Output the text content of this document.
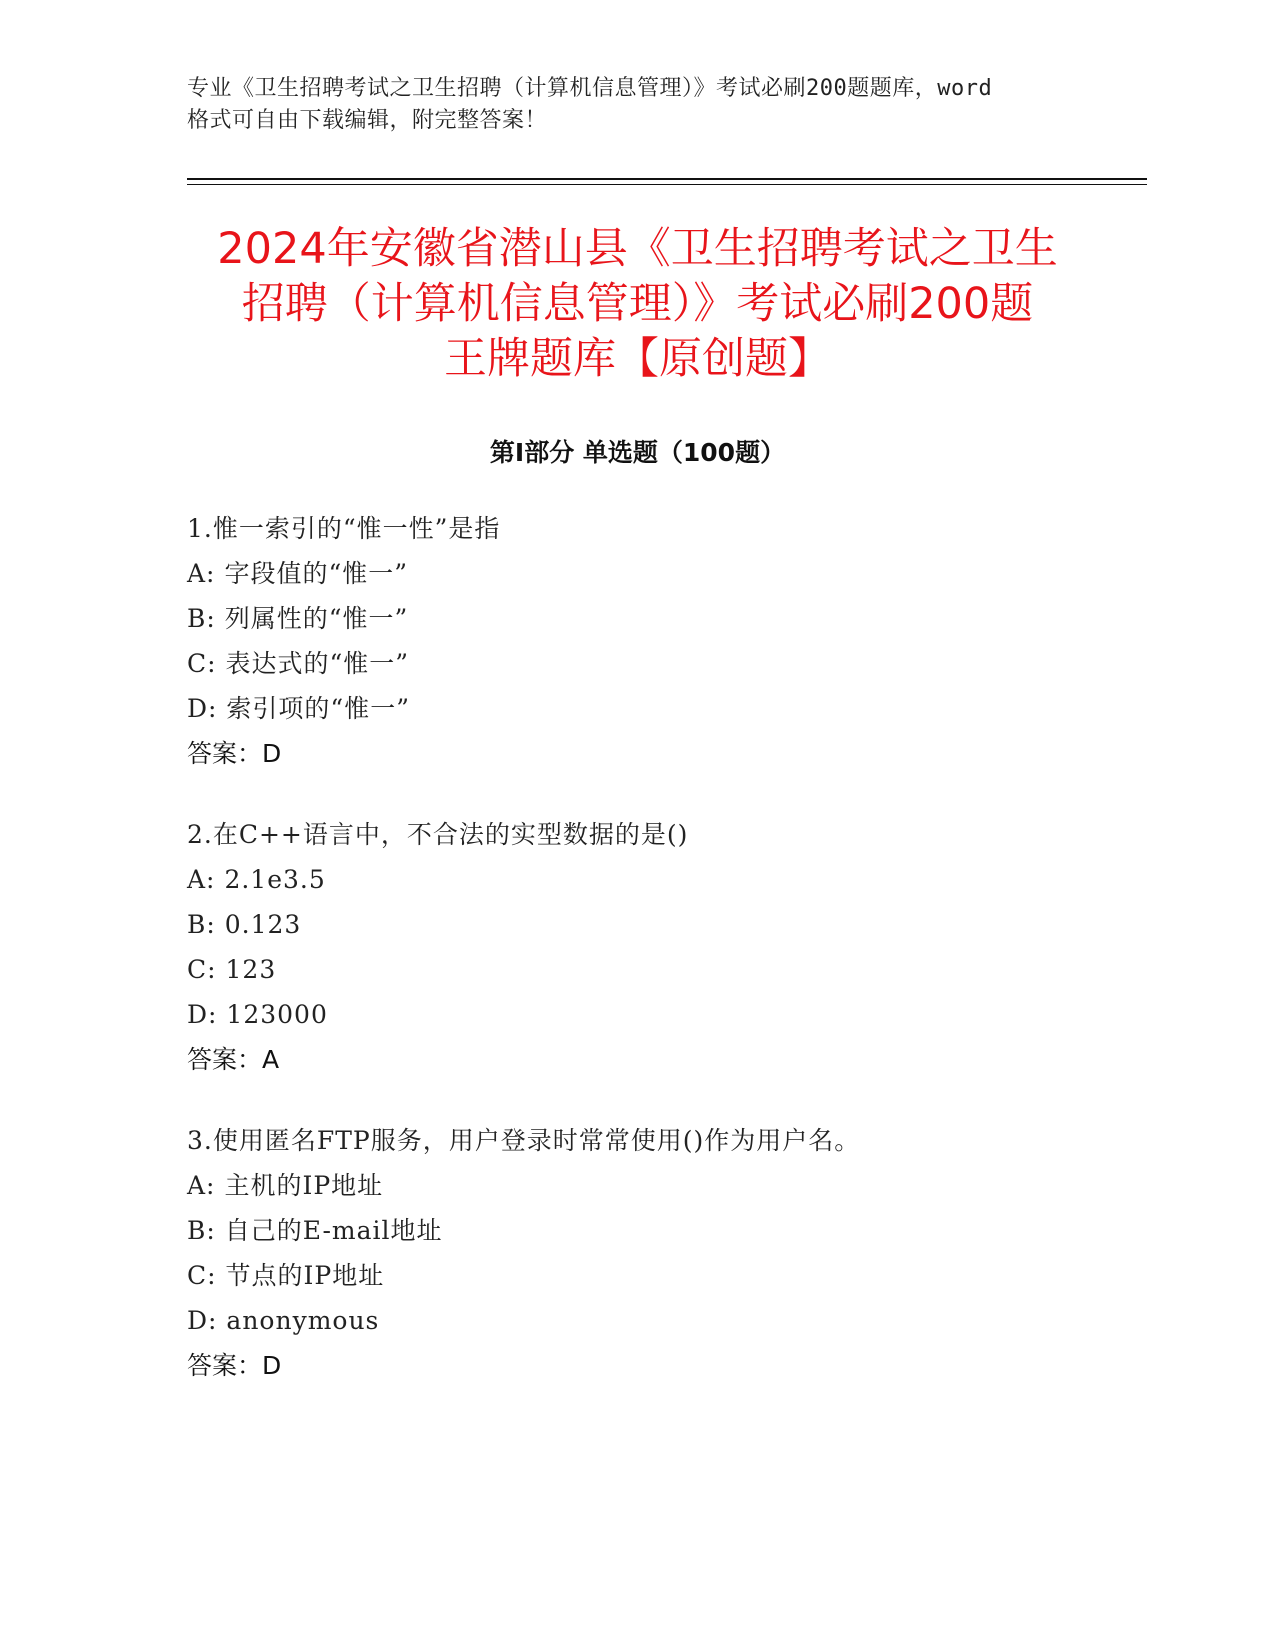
专业《卫生招聘考试之卫生招聘（计算机信息管理）》考试必刷200题题库，word
格式可自由下载编辑，附完整答案！
2024年安徽省潜山县《卫生招聘考试之卫生
招聘（计算机信息管理）》考试必刷200题
王牌题库【原创题】
第I部分 单选题（100题）
1.惟一索引的“惟一性”是指
A: 字段值的“惟一”
B: 列属性的“惟一”
C: 表达式的“惟一”
D: 索引项的“惟一”
答案：D
2.在C++语言中，不合法的实型数据的是()
A: 2.1e3.5
B: 0.123
C: 123
D: 123000
答案：A
3.使用匿名FTP服务，用户登录时常常使用()作为用户名。
A: 主机的IP地址
B: 自己的E-mail地址
C: 节点的IP地址
D: anonymous
答案：D
